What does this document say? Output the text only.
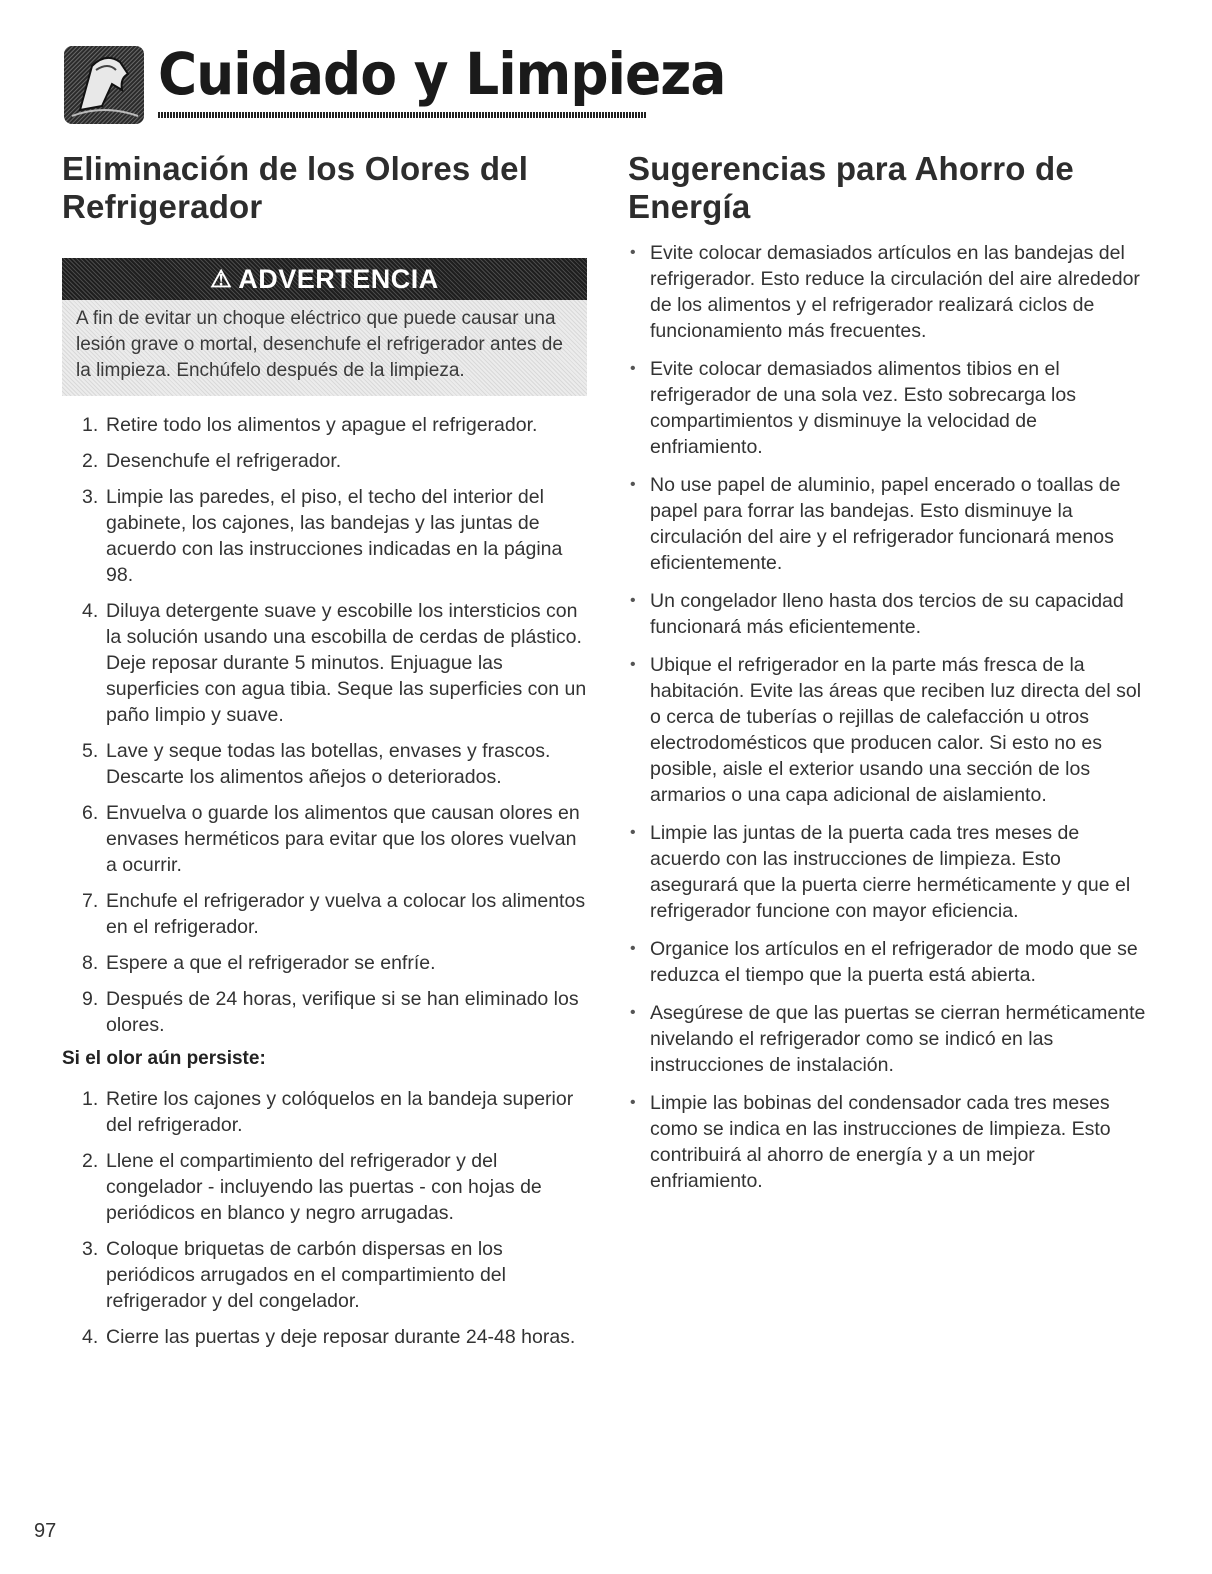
Cuidado y Limpieza
Eliminación de los Olores del Refrigerador
⚠ ADVERTENCIA
A fin de evitar un choque eléctrico que puede causar una lesión grave o mortal, desenchufe el refrigerador antes de la limpieza. Enchúfelo después de la limpieza.
1. Retire todo los alimentos y apague el refrigerador.
2. Desenchufe el refrigerador.
3. Limpie las paredes, el piso, el techo del interior del gabinete, los cajones, las bandejas y las juntas de acuerdo con las instrucciones indicadas en la página 98.
4. Diluya detergente suave y escobille los intersticios con la solución usando una escobilla de cerdas de plástico. Deje reposar durante 5 minutos. Enjuague las superficies con agua tibia. Seque las superficies con un paño limpio y suave.
5. Lave y seque todas las botellas, envases y frascos. Descarte los alimentos añejos o deteriorados.
6. Envuelva o guarde los alimentos que causan olores en envases herméticos para evitar que los olores vuelvan a ocurrir.
7. Enchufe el refrigerador y vuelva a colocar los alimentos en el refrigerador.
8. Espere a que el refrigerador se enfríe.
9. Después de 24 horas, verifique si se han eliminado los olores.
Si el olor aún persiste:
1. Retire los cajones y colóquelos en la bandeja superior del refrigerador.
2. Llene el compartimiento del refrigerador y del congelador - incluyendo las puertas - con hojas de periódicos en blanco y negro arrugadas.
3. Coloque briquetas de carbón dispersas en los periódicos arrugados en el compartimiento del refrigerador y del congelador.
4. Cierre las puertas y deje reposar durante 24-48 horas.
Sugerencias para Ahorro de Energía
• Evite colocar demasiados artículos en las bandejas del refrigerador. Esto reduce la circulación del aire alrededor de los alimentos y el refrigerador realizará ciclos de funcionamiento más frecuentes.
• Evite colocar demasiados alimentos tibios en el refrigerador de una sola vez. Esto sobrecarga los compartimientos y disminuye la velocidad de enfriamiento.
• No use papel de aluminio, papel encerado o toallas de papel para forrar las bandejas. Esto disminuye la circulación del aire y el refrigerador funcionará menos eficientemente.
• Un congelador lleno hasta dos tercios de su capacidad funcionará más eficientemente.
• Ubique el refrigerador en la parte más fresca de la habitación. Evite las áreas que reciben luz directa del sol o cerca de tuberías o rejillas de calefacción u otros electrodomésticos que producen calor. Si esto no es posible, aisle el exterior usando una sección de los armarios o una capa adicional de aislamiento.
• Limpie las juntas de la puerta cada tres meses de acuerdo con las instrucciones de limpieza. Esto asegurará que la puerta cierre herméticamente y que el refrigerador funcione con mayor eficiencia.
• Organice los artículos en el refrigerador de modo que se reduzca el tiempo que la puerta está abierta.
• Asegúrese de que las puertas se cierran herméticamente nivelando el refrigerador como se indicó en las instrucciones de instalación.
• Limpie las bobinas del condensador cada tres meses como se indica en las instrucciones de limpieza. Esto contribuirá al ahorro de energía y a un mejor enfriamiento.
97
